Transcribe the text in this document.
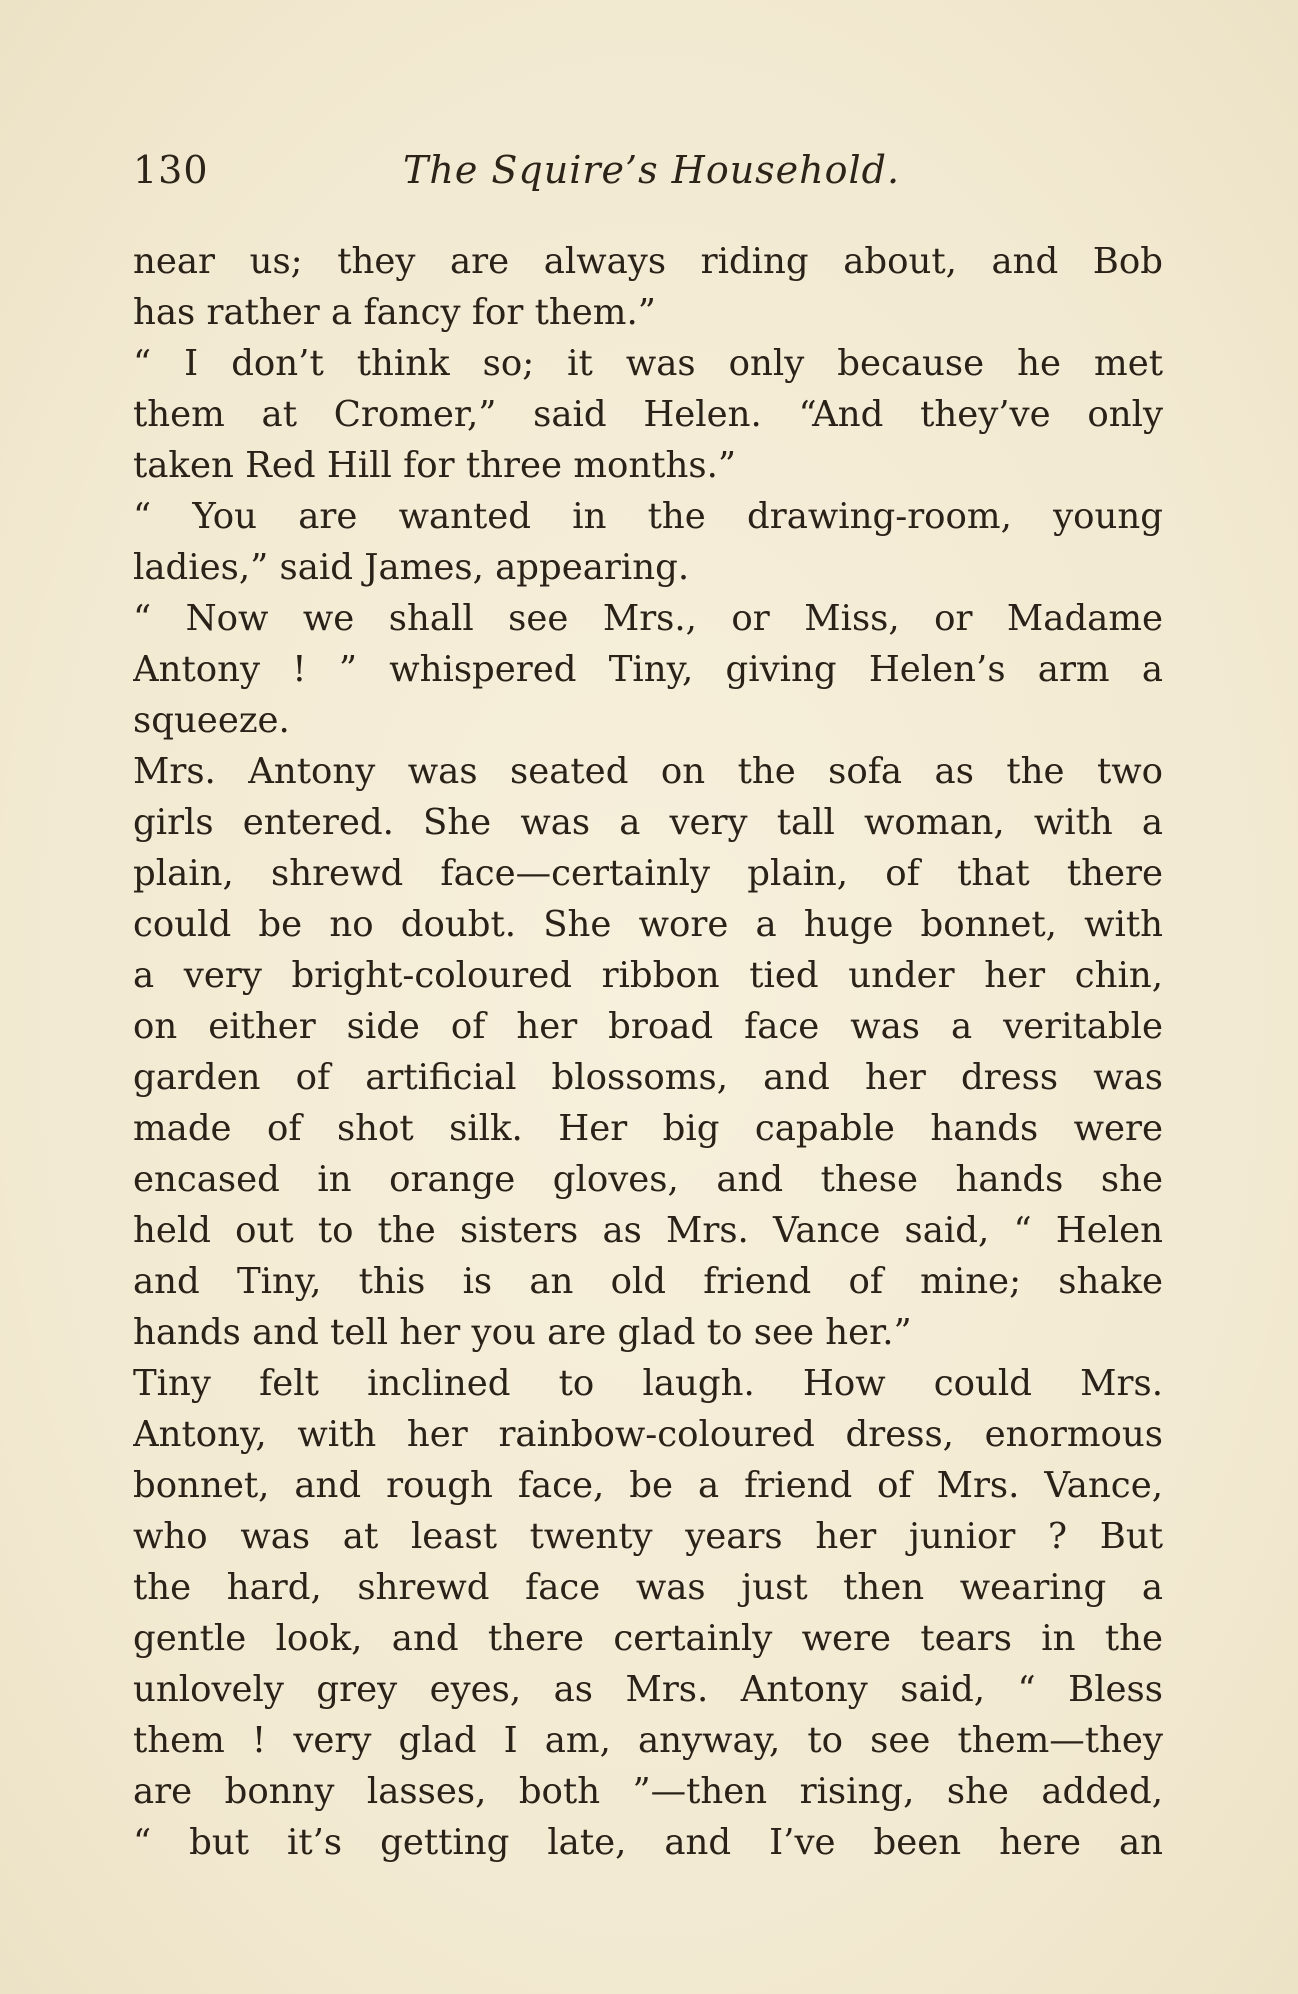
130	The Squire’s Household.
near us; they are always riding about, and Bob
has rather a fancy for them.”
“ I don’t think so; it was only because he met
them at Cromer,” said Helen. “And they’ve only
taken Red Hill for three months.”
“ You are wanted in the drawing-room, young
ladies,” said James, appearing.
“ Now we shall see Mrs., or Miss, or Madame
Antony ! ” whispered Tiny, giving Helen’s arm a
squeeze.
Mrs. Antony was seated on the sofa as the two
girls entered. She was a very tall woman, with a
plain, shrewd face—certainly plain, of that there
could be no doubt. She wore a huge bonnet, with
a very bright-coloured ribbon tied under her chin,
on either side of her broad face was a veritable
garden of artificial blossoms, and her dress was
made of shot silk. Her big capable hands were
encased in orange gloves, and these hands she
held out to the sisters as Mrs. Vance said, “ Helen
and Tiny, this is an old friend of mine; shake
hands and tell her you are glad to see her.”
Tiny felt inclined to laugh. How could Mrs.
Antony, with her rainbow-coloured dress, enormous
bonnet, and rough face, be a friend of Mrs. Vance,
who was at least twenty years her junior ? But
the hard, shrewd face was just then wearing a
gentle look, and there certainly were tears in the
unlovely grey eyes, as Mrs. Antony said, “ Bless
them ! very glad I am, anyway, to see them—they
are bonny lasses, both ”—then rising, she added,
“ but it’s getting late, and I’ve been here an
